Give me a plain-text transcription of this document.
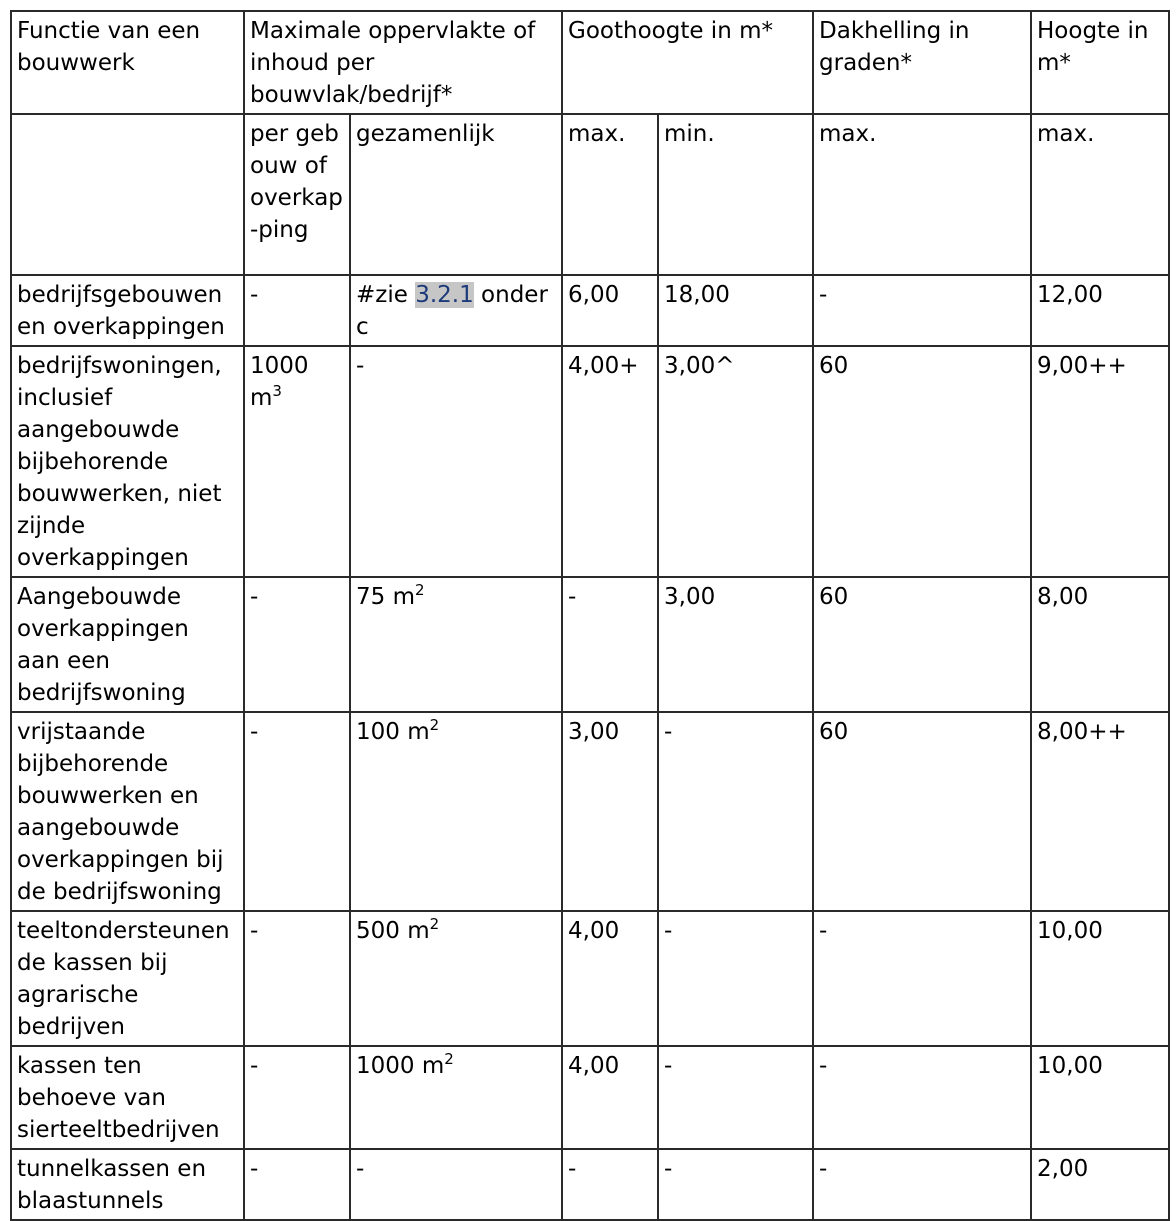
Functie van een bouwwerk	Maximale oppervlakte of inhoud per bouwvlak/bedrijf*		Goothoogte in m*		Dakhelling in graden*	Hoogte in m*
	per gebouw of overkap-ping	gezamenlijk	max.	min.	max.	max.
bedrijfsgebouwen en overkappingen	-	#zie 3.2.1 onder c	6,00	18,00	-	12,00
bedrijfswoningen, inclusief aangebouwde bijbehorende bouwwerken, niet zijnde overkappingen	1000 $m^3$	-	4,00+	3,00^	60	9,00++
Aangebouwde overkappingen aan een bedrijfswoning	-	75 $m^2$	-	3,00	60	8,00
vrijstaande bijbehorende bouwwerken en aangebouwde overkappingen bij de bedrijfswoning	-	100 $m^2$	3,00	-	60	8,00++
teeltondersteunende kassen bij agrarische bedrijven	-	500 $m^2$	4,00	-	-	10,00
kassen ten behoeve van sierteeltbedrijven	-	1000 $m^2$	4,00	-	-	10,00
tunnelkassen en blaastunnels	-	-	-	-	-	2,00
